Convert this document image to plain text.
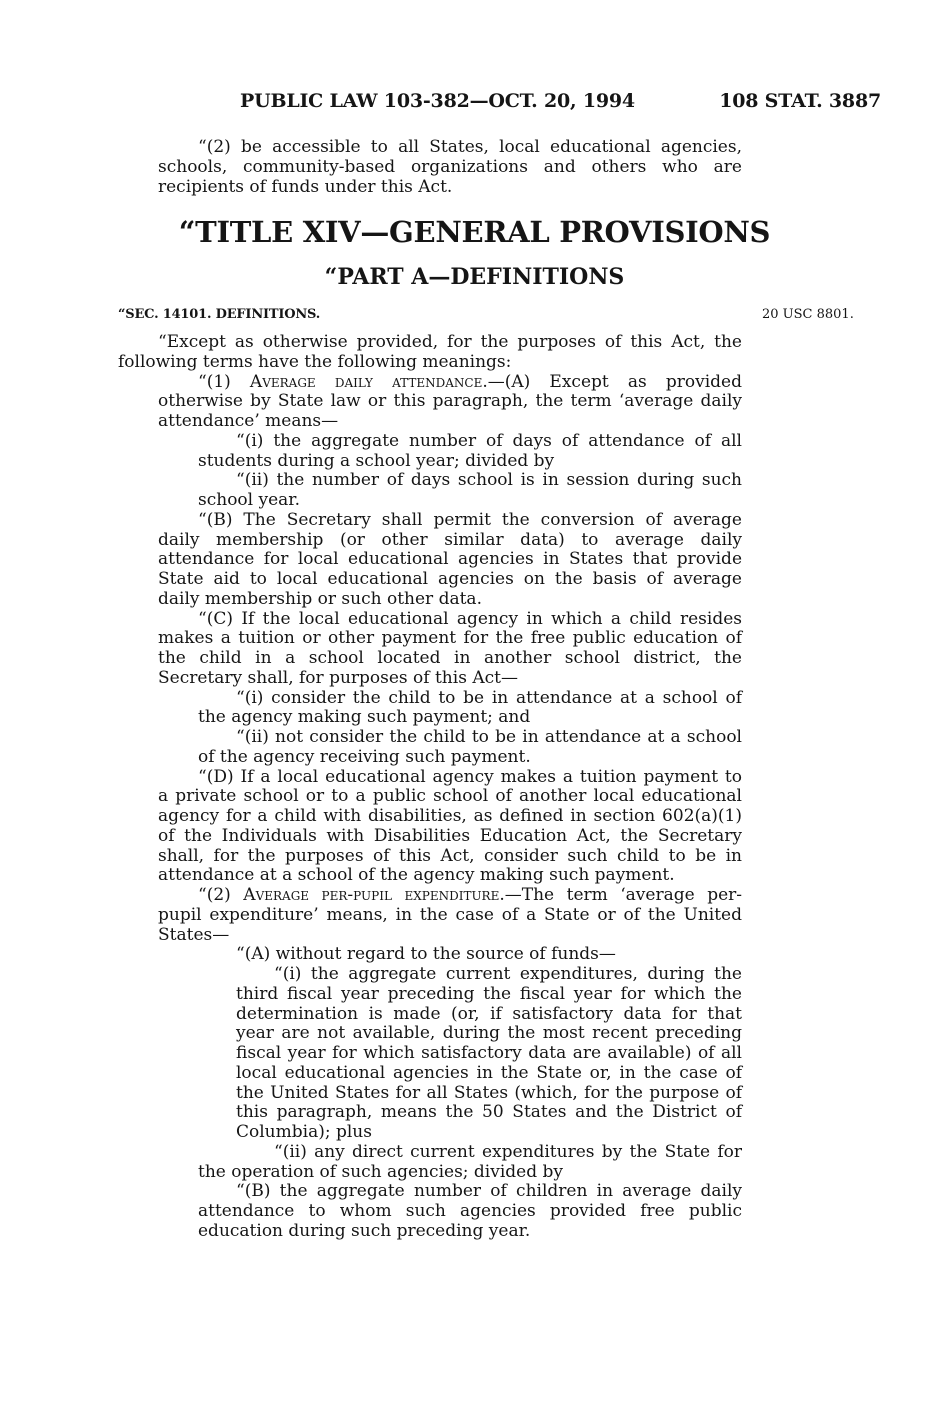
PUBLIC LAW 103-382—OCT. 20, 1994	108 STAT. 3887

“(2) be accessible to all States, local educational agencies, schools, community-based organizations and others who are recipients of funds under this Act.

“TITLE XIV—GENERAL PROVISIONS
“PART A—DEFINITIONS
“SEC. 14101. DEFINITIONS.	20 USC 8801.

“Except as otherwise provided, for the purposes of this Act, the following terms have the following meanings:

“(1) Average daily attendance.—(A) Except as provided otherwise by State law or this paragraph, the term ‘average daily attendance’ means—

“(i) the aggregate number of days of attendance of all students during a school year; divided by

“(ii) the number of days school is in session during such school year.

“(B) The Secretary shall permit the conversion of average daily membership (or other similar data) to average daily attendance for local educational agencies in States that provide State aid to local educational agencies on the basis of average daily membership or such other data.

“(C) If the local educational agency in which a child resides makes a tuition or other payment for the free public education of the child in a school located in another school district, the Secretary shall, for purposes of this Act—

“(i) consider the child to be in attendance at a school of the agency making such payment; and

“(ii) not consider the child to be in attendance at a school of the agency receiving such payment.

“(D) If a local educational agency makes a tuition payment to a private school or to a public school of another local educational agency for a child with disabilities, as defined in section 602(a)(1) of the Individuals with Disabilities Education Act, the Secretary shall, for the purposes of this Act, consider such child to be in attendance at a school of the agency making such payment.

“(2) Average per-pupil expenditure.—The term ‘average per-pupil expenditure’ means, in the case of a State or of the United States—

“(A) without regard to the source of funds—

“(i) the aggregate current expenditures, during the third fiscal year preceding the fiscal year for which the determination is made (or, if satisfactory data for that year are not available, during the most recent preceding fiscal year for which satisfactory data are available) of all local educational agencies in the State or, in the case of the United States for all States (which, for the purpose of this paragraph, means the 50 States and the District of Columbia); plus

“(ii) any direct current expenditures by the State for the operation of such agencies; divided by

“(B) the aggregate number of children in average daily attendance to whom such agencies provided free public education during such preceding year.
